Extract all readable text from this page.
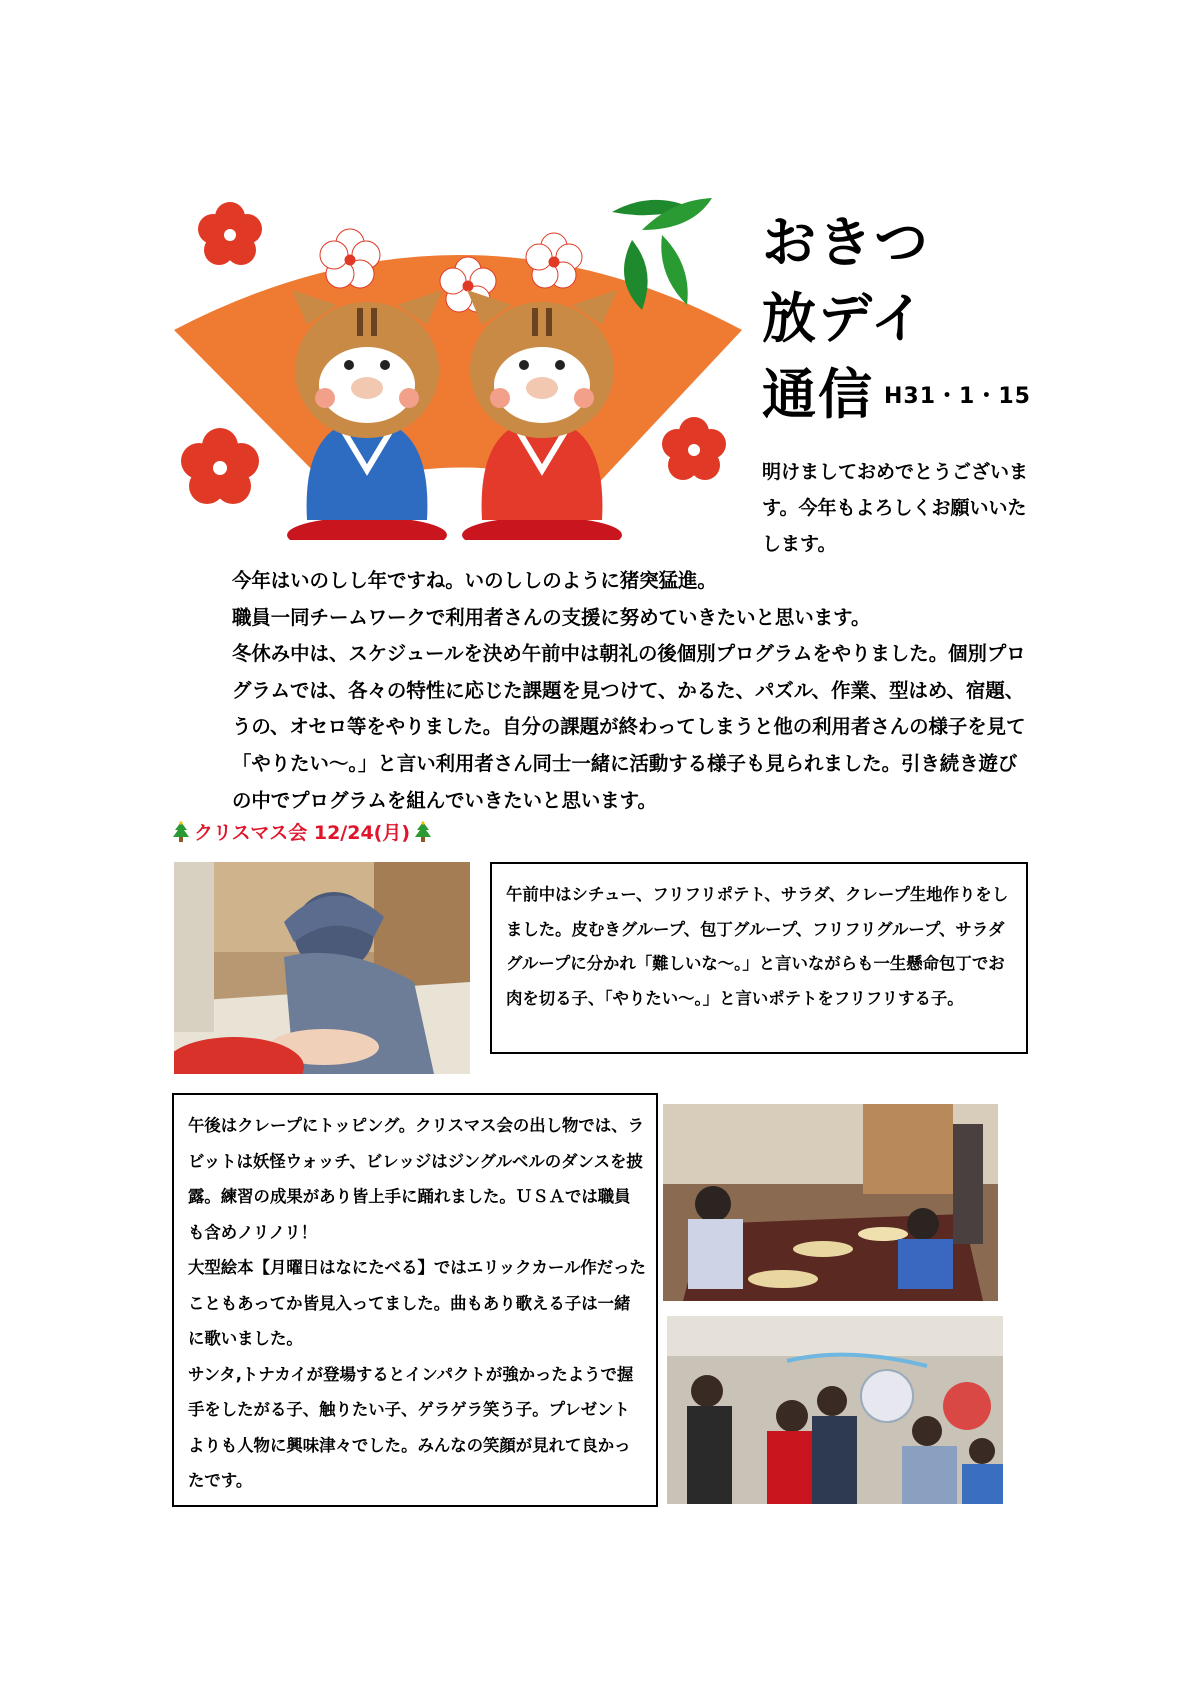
おきつ
放デイ
通信 H31・1・15
明けましておめでとうございます。今年もよろしくお願いいたします。

今年はいのしし年ですね。いのししのように猪突猛進。

職員一同チームワークで利用者さんの支援に努めていきたいと思います。

冬休み中は、スケジュールを決め午前中は朝礼の後個別プログラムをやりました。個別プログラムでは、各々の特性に応じた課題を見つけて、かるた、パズル、作業、型はめ、宿題、うの、オセロ等をやりました。自分の課題が終わってしまうと他の利用者さんの様子を見て「やりたい～。」と言い利用者さん同士一緒に活動する様子も見られました。引き続き遊びの中でプログラムを組んでいきたいと思います。

クリスマス会 12/24(月)

午前中はシチュー、フリフリポテト、サラダ、クレープ生地作りをしました。皮むきグループ、包丁グループ、フリフリグループ、サラダグループに分かれ「難しいな～。」と言いながらも一生懸命包丁でお肉を切る子、「やりたい～。」と言いポテトをフリフリする子。

午後はクレープにトッピング。クリスマス会の出し物では、ラビットは妖怪ウォッチ、ビレッジはジングルベルのダンスを披露。練習の成果があり皆上手に踊れました。ＵＳＡでは職員も含めノリノリ！

大型絵本【月曜日はなにたべる】ではエリックカール作だったこともあってか皆見入ってました。曲もあり歌える子は一緒に歌いました。

サンタ,トナカイが登場するとインパクトが強かったようで握手をしたがる子、触りたい子、ゲラゲラ笑う子。プレゼントよりも人物に興味津々でした。みんなの笑顔が見れて良かったです。
